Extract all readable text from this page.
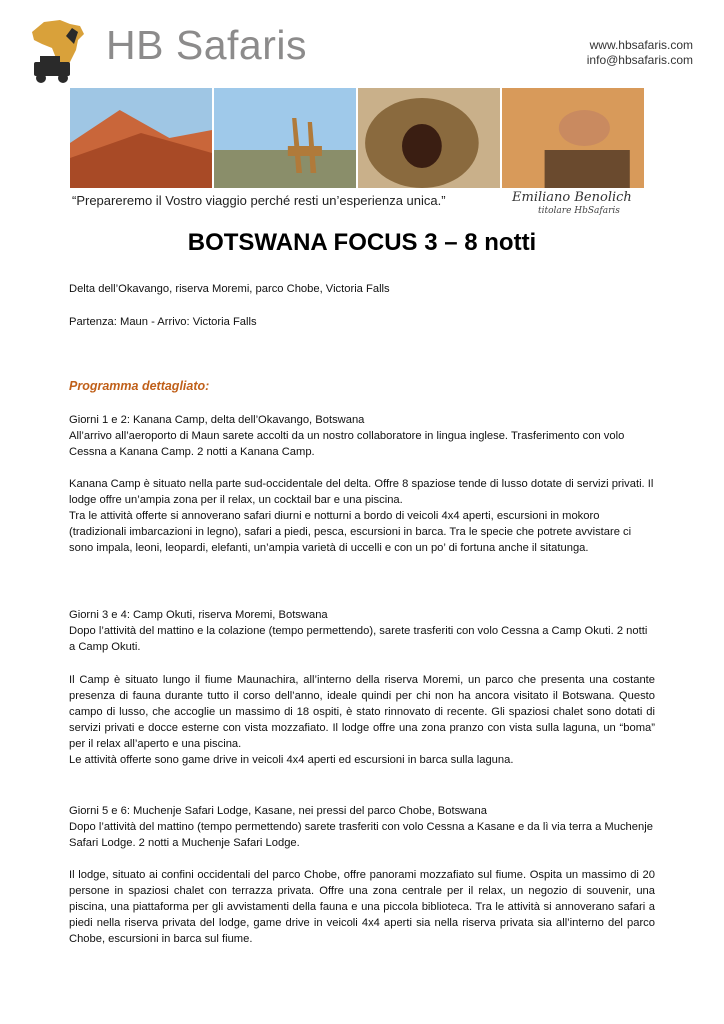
HB Safaris	www.hbsafaris.com
info@hbsafaris.com
“Prepareremo il Vostro viaggio perché resti un’esperienza unica.”	Emiliano Benolich
titolare HbSafaris
BOTSWANA FOCUS 3 – 8 notti
Delta dell’Okavango, riserva Moremi, parco Chobe, Victoria Falls
Partenza: Maun - Arrivo: Victoria Falls
Programma dettagliato:

Giorni 1 e 2: Kanana Camp, delta dell’Okavango, Botswana

All’arrivo all’aeroporto di Maun sarete accolti da un nostro collaboratore in lingua inglese. Trasferimento con volo Cessna a Kanana Camp. 2 notti a Kanana Camp.

Kanana Camp è situato nella parte sud-occidentale del delta. Offre 8 spaziose tende di lusso dotate di servizi privati. Il lodge offre un’ampia zona per il relax, un cocktail bar e una piscina.

Tra le attività offerte si annoverano safari diurni e notturni a bordo di veicoli 4x4 aperti, escursioni in mokoro (tradizionali imbarcazioni in legno), safari a piedi, pesca, escursioni in barca. Tra le specie che potrete avvistare ci sono impala, leoni, leopardi, elefanti, un’ampia varietà di uccelli e con un po’ di fortuna anche il sitatunga.

Giorni 3 e 4: Camp Okuti, riserva Moremi, Botswana

Dopo l’attività del mattino e la colazione (tempo permettendo), sarete trasferiti con volo Cessna a Camp Okuti. 2 notti a Camp Okuti.

Il Camp è situato lungo il fiume Maunachira, all’interno della riserva Moremi, un parco che presenta una costante presenza di fauna durante tutto il corso dell’anno, ideale quindi per chi non ha ancora visitato il Botswana. Questo campo di lusso, che accoglie un massimo di 18 ospiti, è stato rinnovato di recente. Gli spaziosi chalet sono dotati di servizi privati e docce esterne con vista mozzafiato. Il lodge offre una zona pranzo con vista sulla laguna, un “boma” per il relax all’aperto e una piscina.

Le attività offerte sono game drive in veicoli 4x4 aperti ed escursioni in barca sulla laguna.

Giorni 5 e 6: Muchenje Safari Lodge, Kasane, nei pressi del parco Chobe, Botswana

Dopo l’attività del mattino (tempo permettendo) sarete trasferiti con volo Cessna a Kasane e da lì via terra a Muchenje Safari Lodge. 2 notti a Muchenje Safari Lodge.

Il lodge, situato ai confini occidentali del parco Chobe, offre panorami mozzafiato sul fiume. Ospita un massimo di 20 persone in spaziosi chalet con terrazza privata. Offre una zona centrale per il relax, un negozio di souvenir, una piscina, una piattaforma per gli avvistamenti della fauna e una piccola biblioteca. Tra le attività si annoverano safari a piedi nella riserva privata del lodge, game drive in veicoli 4x4 aperti sia nella riserva privata sia all’interno del parco Chobe, escursioni in barca sul fiume.
